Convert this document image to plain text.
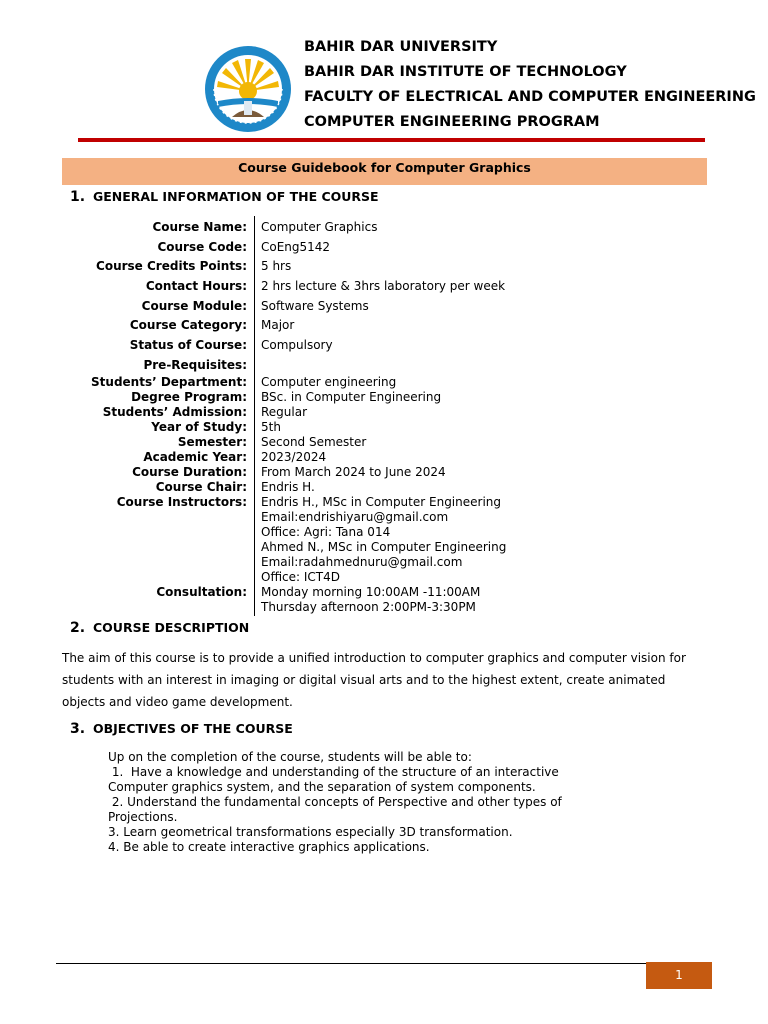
BAHIR DAR UNIVERSITY
BAHIR DAR INSTITUTE OF TECHNOLOGY
FACULTY OF ELECTRICAL AND COMPUTER ENGINEERING
COMPUTER ENGINEERING PROGRAM
Course Guidebook for Computer Graphics
1. GENERAL INFORMATION OF THE COURSE
Course Name: Computer Graphics
Course Code: CoEng5142
Course Credits Points: 5 hrs
Contact Hours: 2 hrs lecture & 3hrs laboratory per week
Course Module: Software Systems
Course Category: Major
Status of Course: Compulsory
Pre-Requisites:
Students’ Department: Computer engineering
Degree Program: BSc. in Computer Engineering
Students’ Admission: Regular
Year of Study: 5th
Semester: Second Semester
Academic Year: 2023/2024
Course Duration: From March 2024 to June 2024
Course Chair: Endris H.
Course Instructors: Endris H., MSc in Computer Engineering
Email:endrishiyaru@gmail.com
Office: Agri: Tana 014
Ahmed N., MSc in Computer Engineering
Email:radahmednuru@gmail.com
Office: ICT4D
Consultation: Monday morning 10:00AM -11:00AM
Thursday afternoon 2:00PM-3:30PM
2. COURSE DESCRIPTION
The aim of this course is to provide a unified introduction to computer graphics and computer vision for students with an interest in imaging or digital visual arts and to the highest extent, create animated objects and video game development.
3. OBJECTIVES OF THE COURSE
Up on the completion of the course, students will be able to:
1.  Have a knowledge and understanding of the structure of an interactive
Computer graphics system, and the separation of system components.
2. Understand the fundamental concepts of Perspective and other types of
Projections.
3. Learn geometrical transformations especially 3D transformation.
4. Be able to create interactive graphics applications.
1
